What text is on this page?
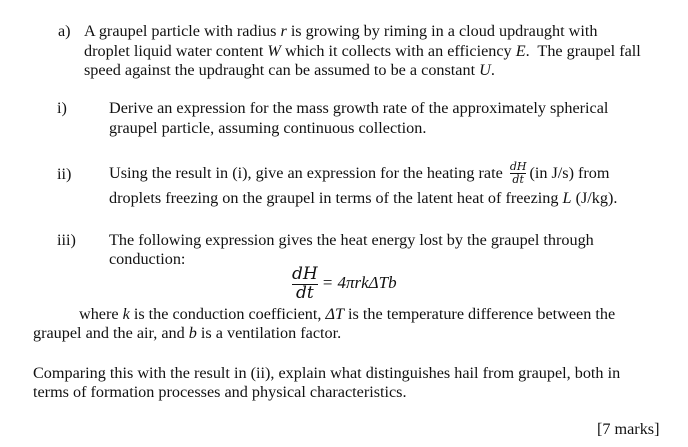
a) A graupel particle with radius r is growing by riming in a cloud updraught with
droplet liquid water content W which it collects with an efficiency E.  The graupel fall
speed against the updraught can be assumed to be a constant U.
i)	Derive an expression for the mass growth rate of the approximately spherical
graupel particle, assuming continuous collection.
ii) Using the result in (i), give an expression for the heating rate $\frac{dH}{dt} (in$ J/s) from
droplets freezing on the graupel in terms of the latent heat of freezing L (J/kg).
iii) The following expression gives the heat energy lost by the graupel through
conduction:
$\frac{dH}{dt} = 4\pi rk\Delta Tb$
where k is the conduction coefficient, ΔT is the temperature difference between the
graupel and the air, and b is a ventilation factor.
Comparing this with the result in (ii), explain what distinguishes hail from graupel, both in
terms of formation processes and physical characteristics.
[7 marks]
